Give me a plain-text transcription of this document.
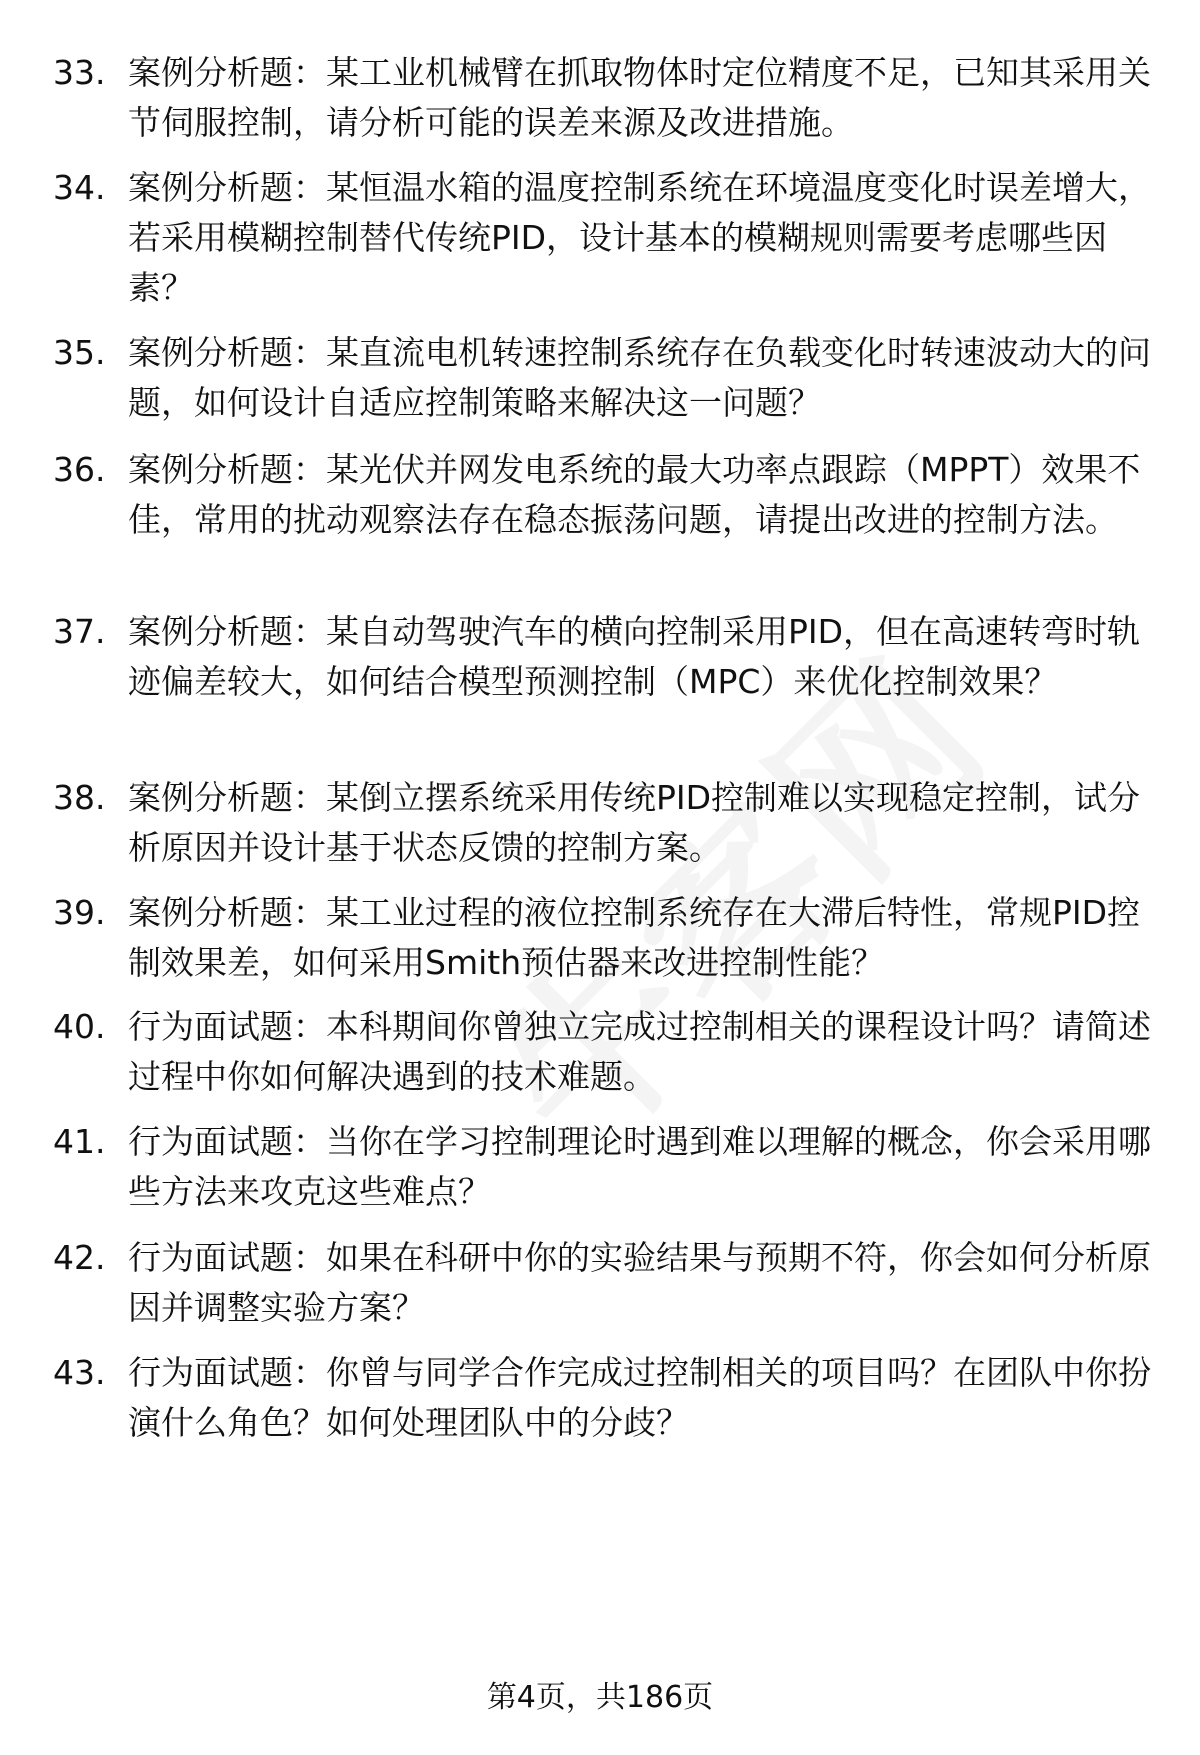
33. 案例分析题：某工业机械臂在抓取物体时定位精度不足，已知其采用关节伺服控制，请分析可能的误差来源及改进措施。
34. 案例分析题：某恒温水箱的温度控制系统在环境温度变化时误差增大，若采用模糊控制替代传统PID，设计基本的模糊规则需要考虑哪些因素？
35. 案例分析题：某直流电机转速控制系统存在负载变化时转速波动大的问题，如何设计自适应控制策略来解决这一问题？
36. 案例分析题：某光伏并网发电系统的最大功率点跟踪（MPPT）效果不佳，常用的扰动观察法存在稳态振荡问题，请提出改进的控制方法。
37. 案例分析题：某自动驾驶汽车的横向控制采用PID，但在高速转弯时轨迹偏差较大，如何结合模型预测控制（MPC）来优化控制效果？
38. 案例分析题：某倒立摆系统采用传统PID控制难以实现稳定控制，试分析原因并设计基于状态反馈的控制方案。
39. 案例分析题：某工业过程的液位控制系统存在大滞后特性，常规PID控制效果差，如何采用Smith预估器来改进控制性能？
40. 行为面试题：本科期间你曾独立完成过控制相关的课程设计吗？请简述过程中你如何解决遇到的技术难题。
41. 行为面试题：当你在学习控制理论时遇到难以理解的概念，你会采用哪些方法来攻克这些难点？
42. 行为面试题：如果在科研中你的实验结果与预期不符，你会如何分析原因并调整实验方案？
43. 行为面试题：你曾与同学合作完成过控制相关的项目吗？在团队中你扮演什么角色？如何处理团队中的分歧？
第4页，共186页
